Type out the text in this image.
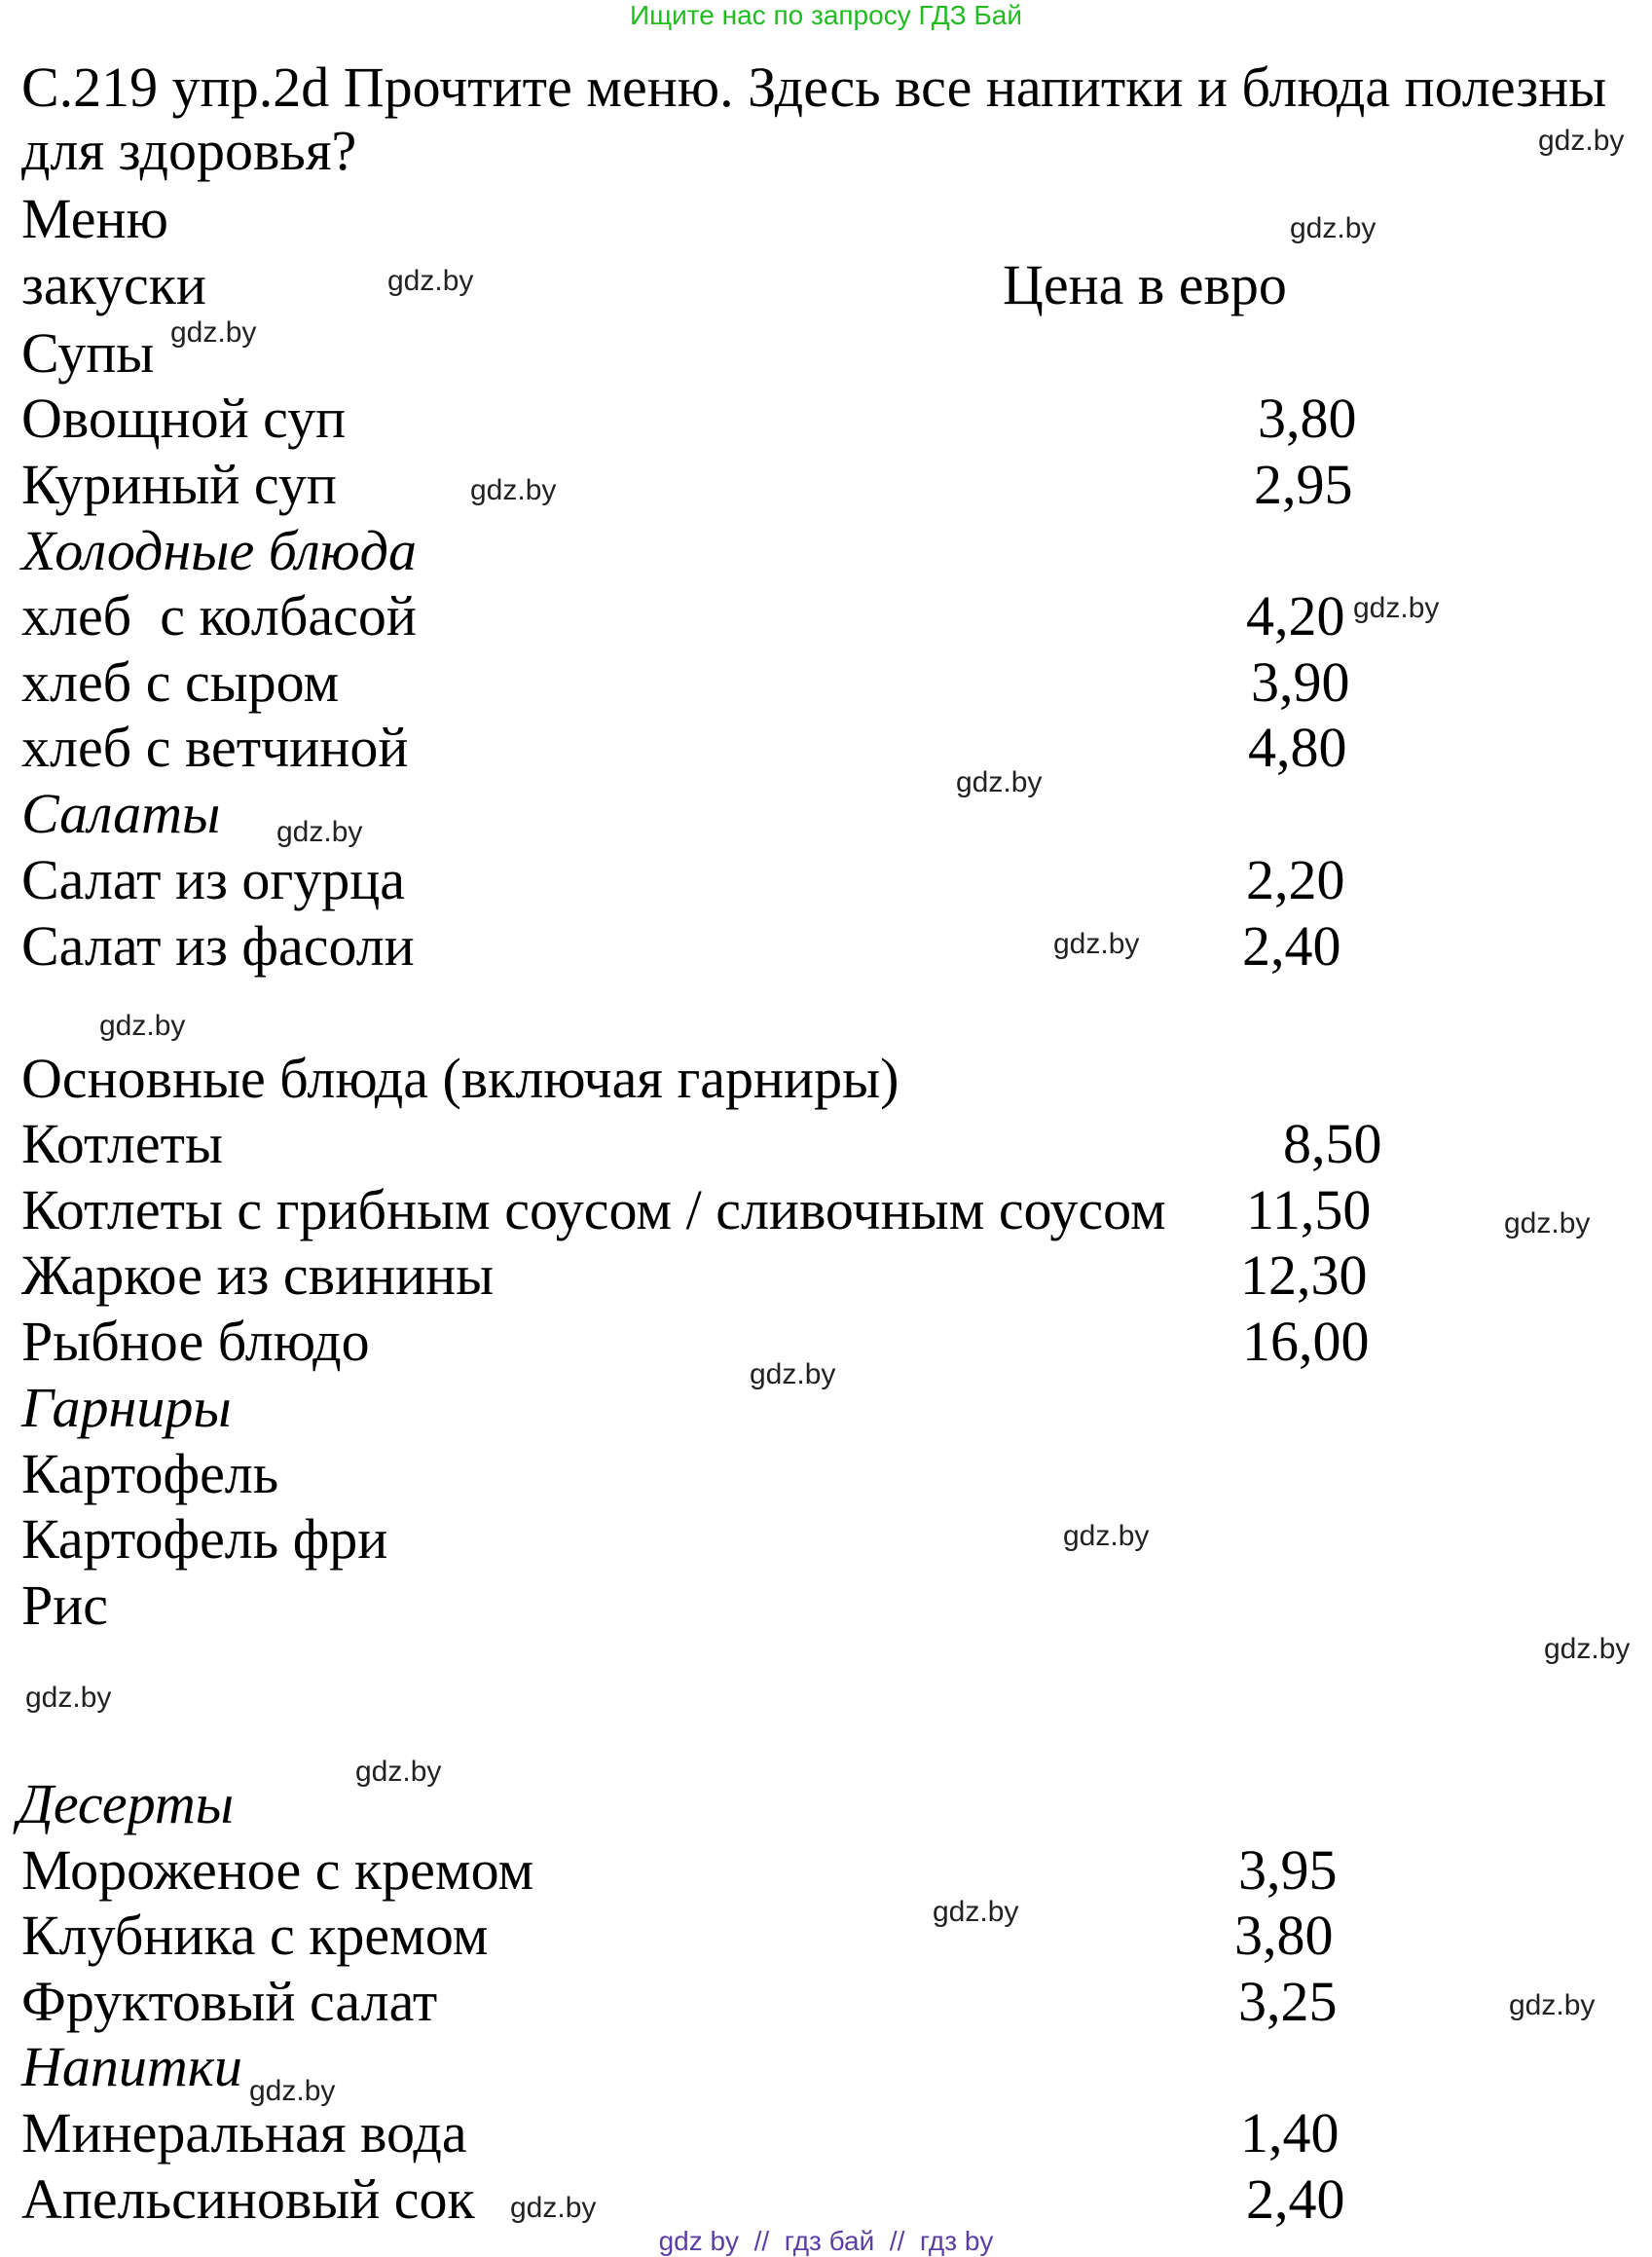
Ищите нас по запросу ГДЗ Бай
С.219 упр.2d Прочтите меню. Здесь все напитки и блюда полезны
для здоровья?
Меню
закуски	Цена в евро
Супы
Овощной суп	3,80
Куриный суп	2,95
Холодные блюда
хлеб  с колбасой	4,20
хлеб с сыром	3,90
хлеб с ветчиной	4,80
Салаты
Салат из огурца	2,20
Салат из фасоли	2,40
Основные блюда (включая гарниры)
Котлеты	8,50
Котлеты с грибным соусом / сливочным соусом 11,50
Жаркое из свинины	12,30
Рыбное блюдо	16,00
Гарниры
Картофель
Картофель фри
Рис
Десерты
Мороженое с кремом	3,95
Клубника с кремом	3,80
Фруктовый салат	3,25
Напитки
Минеральная вода	1,40
Апельсиновый сок	2,40
gdz.by
gdz.by
gdz.by
gdz.by
gdz.by
gdz.by
gdz.by
gdz.by
gdz.by
gdz.by
gdz.by
gdz.by
gdz.by
gdz.by
gdz.by
gdz.by
gdz.by
gdz.by
gdz.by
gdz.by
gdz by  //  гдз бай  //  гдз by
